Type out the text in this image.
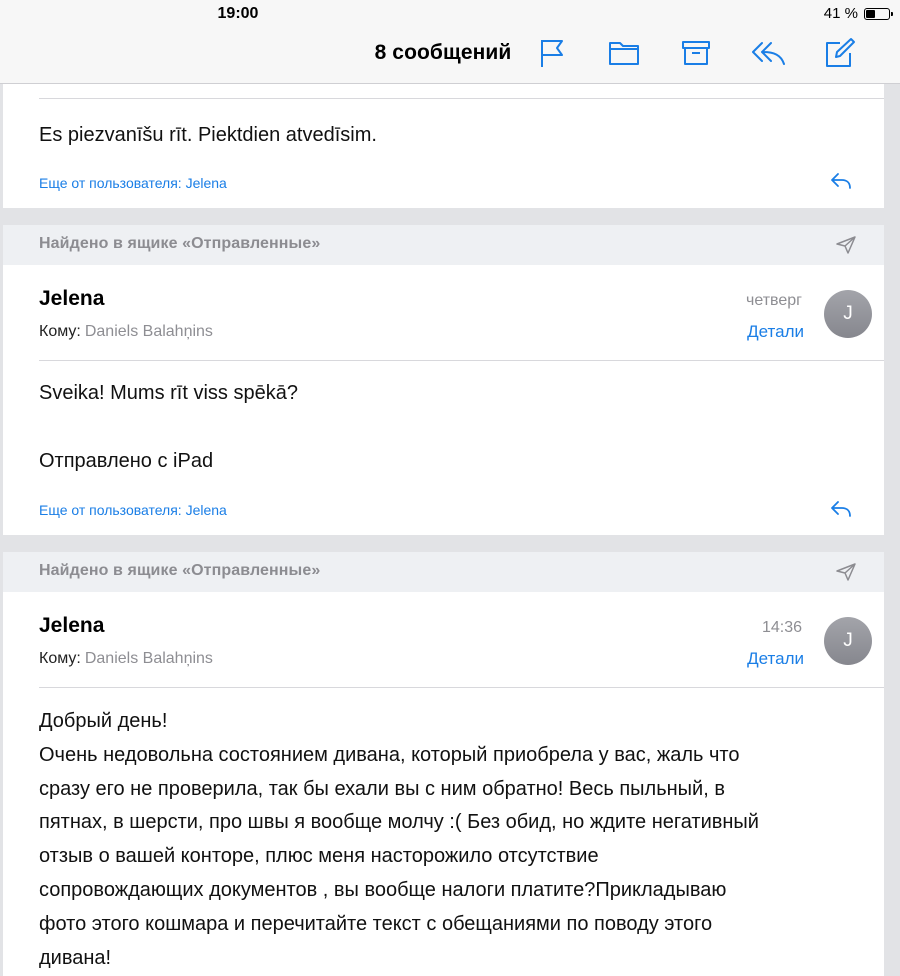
19:00	41 %
8 сообщений
Es piezvanīšu rīt. Piektdien atvedīsim.
Еще от пользователя: Jelena
Найдено в ящике «Отправленные»
Jelena
Кому: Daniels Balahņins
четверг
Детали
J
Sveika! Mums rīt viss spēkā?
Отправлено с iPad
Еще от пользователя: Jelena
Найдено в ящике «Отправленные»
Jelena
Кому: Daniels Balahņins
14:36
Детали
J
Добрый день!
Очень недовольна состоянием дивана, который приобрела у вас, жаль что
сразу его не проверила, так бы ехали вы с ним обратно! Весь пыльный, в
пятнах, в шерсти, про швы я вообще молчу :( Без обид, но ждите негативный
отзыв о вашей конторе, плюс меня насторожило отсутствие
сопровождающих документов , вы вообще налоги платите?Прикладываю
фото этого кошмара и перечитайте текст с обещаниями по поводу этого
дивана!
